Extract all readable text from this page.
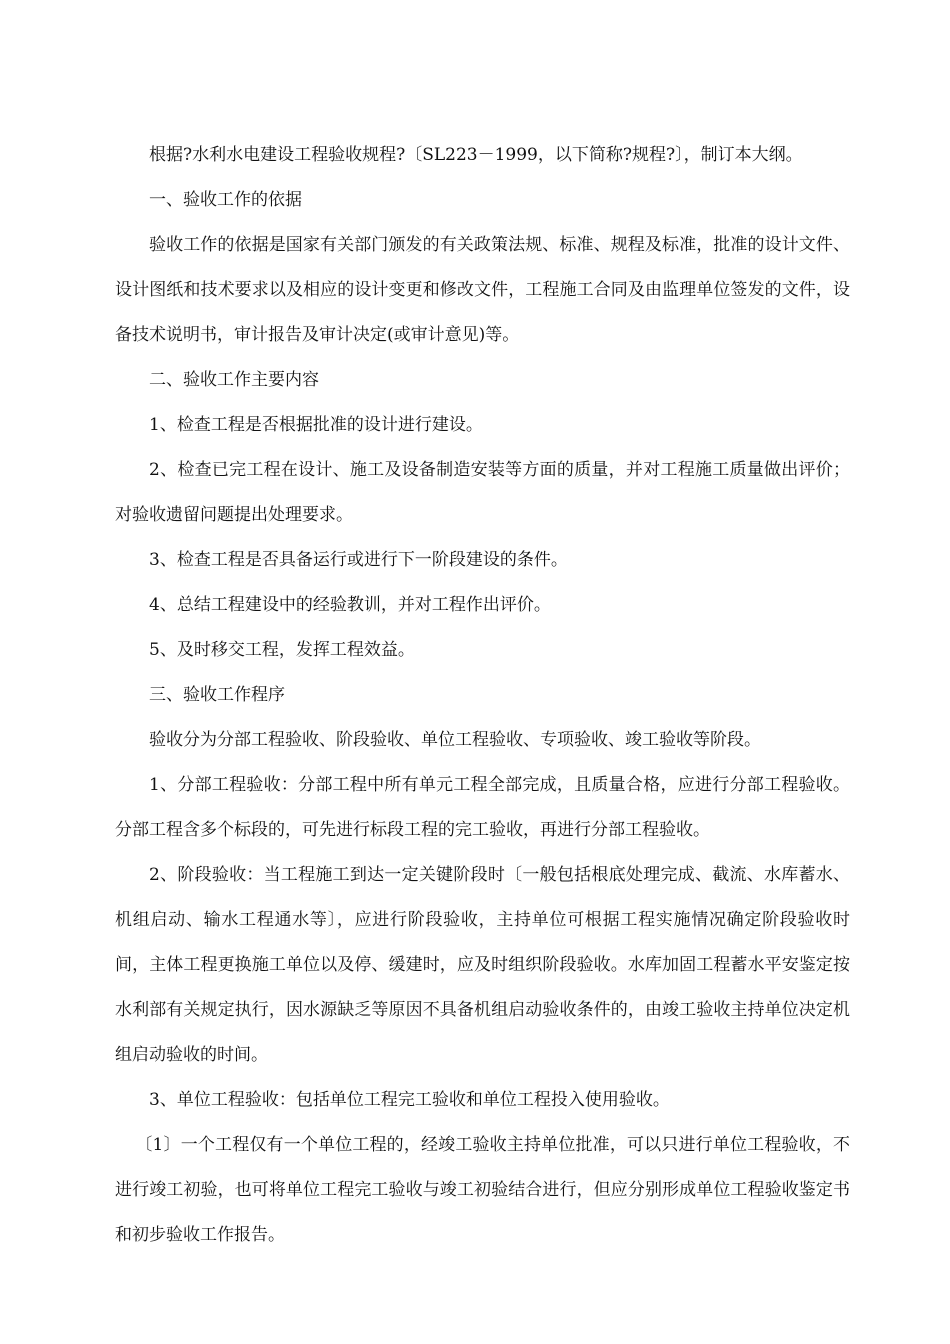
根据?水利水电建设工程验收规程?〔SL223－1999，以下简称?规程?〕，制订本大纲。

一、验收工作的依据

验收工作的依据是国家有关部门颁发的有关政策法规、标准、规程及标准，批准的设计文件、设计图纸和技术要求以及相应的设计变更和修改文件，工程施工合同及由监理单位签发的文件，设备技术说明书，审计报告及审计决定(或审计意见)等。

二、验收工作主要内容

1、检查工程是否根据批准的设计进行建设。

2、检查已完工程在设计、施工及设备制造安装等方面的质量，并对工程施工质量做出评价；对验收遗留问题提出处理要求。

3、检查工程是否具备运行或进行下一阶段建设的条件。

4、总结工程建设中的经验教训，并对工程作出评价。

5、及时移交工程，发挥工程效益。

三、验收工作程序

验收分为分部工程验收、阶段验收、单位工程验收、专项验收、竣工验收等阶段。

1、分部工程验收：分部工程中所有单元工程全部完成，且质量合格，应进行分部工程验收。分部工程含多个标段的，可先进行标段工程的完工验收，再进行分部工程验收。

2、阶段验收：当工程施工到达一定关键阶段时〔一般包括根底处理完成、截流、水库蓄水、机组启动、输水工程通水等〕，应进行阶段验收，主持单位可根据工程实施情况确定阶段验收时间，主体工程更换施工单位以及停、缓建时，应及时组织阶段验收。水库加固工程蓄水平安鉴定按水利部有关规定执行，因水源缺乏等原因不具备机组启动验收条件的，由竣工验收主持单位决定机组启动验收的时间。

3、单位工程验收：包括单位工程完工验收和单位工程投入使用验收。

〔1〕一个工程仅有一个单位工程的，经竣工验收主持单位批准，可以只进行单位工程验收，不进行竣工初验，也可将单位工程完工验收与竣工初验结合进行，但应分别形成单位工程验收鉴定书和初步验收工作报告。
